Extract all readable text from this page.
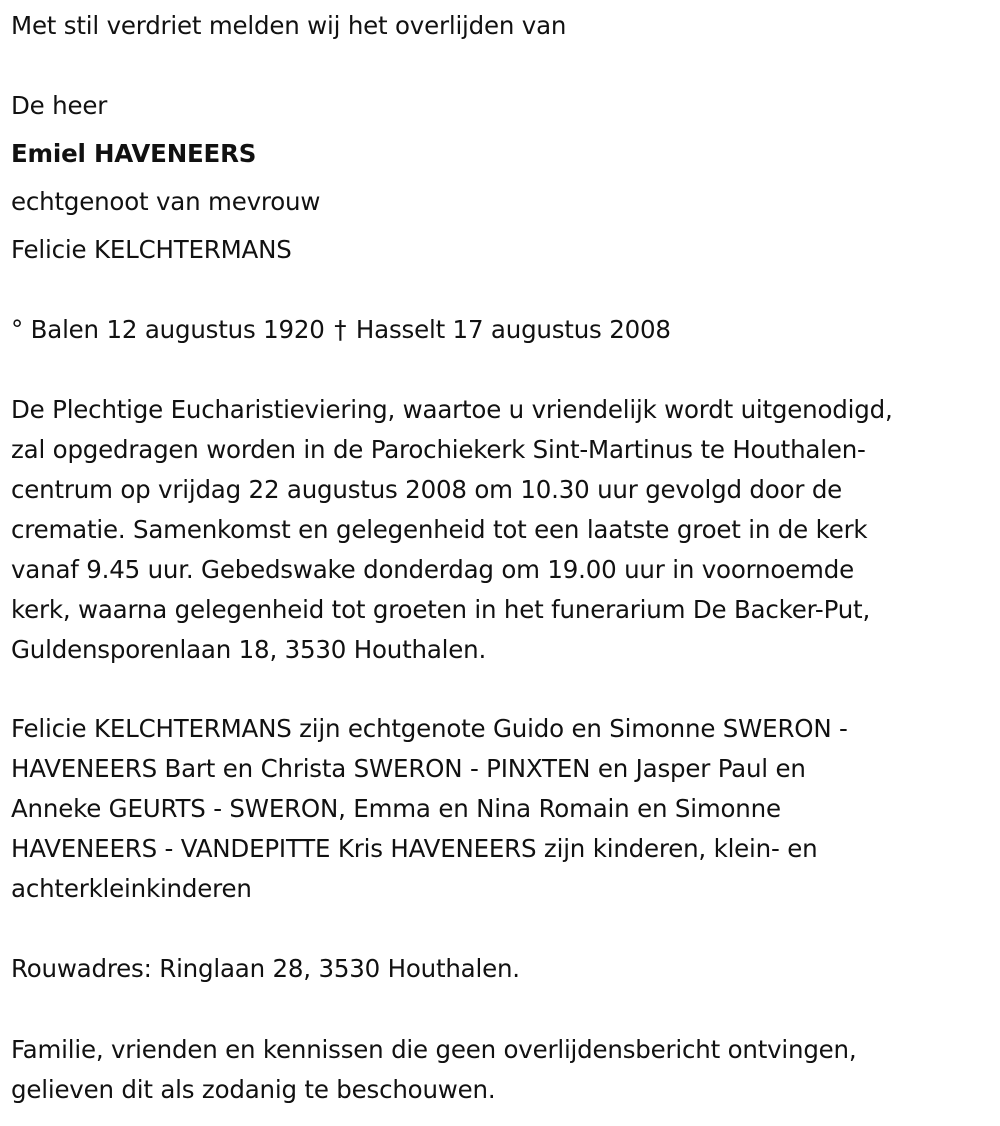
Met stil verdriet melden wij het overlijden van
De heer
Emiel HAVENEERS
echtgenoot van mevrouw
Felicie KELCHTERMANS
° Balen 12 augustus 1920 † Hasselt 17 augustus 2008
De Plechtige Eucharistieviering, waartoe u vriendelijk wordt uitgenodigd,
zal opgedragen worden in de Parochiekerk Sint-Martinus te Houthalen-
centrum op vrijdag 22 augustus 2008 om 10.30 uur gevolgd door de
crematie. Samenkomst en gelegenheid tot een laatste groet in de kerk
vanaf 9.45 uur. Gebedswake donderdag om 19.00 uur in voornoemde
kerk, waarna gelegenheid tot groeten in het funerarium De Backer-Put,
Guldensporenlaan 18, 3530 Houthalen.
Felicie KELCHTERMANS zijn echtgenote Guido en Simonne SWERON -
HAVENEERS Bart en Christa SWERON - PINXTEN en Jasper Paul en
Anneke GEURTS - SWERON, Emma en Nina Romain en Simonne
HAVENEERS - VANDEPITTE Kris HAVENEERS zijn kinderen, klein- en
achterkleinkinderen
Rouwadres: Ringlaan 28, 3530 Houthalen.
Familie, vrienden en kennissen die geen overlijdensbericht ontvingen,
gelieven dit als zodanig te beschouwen.
